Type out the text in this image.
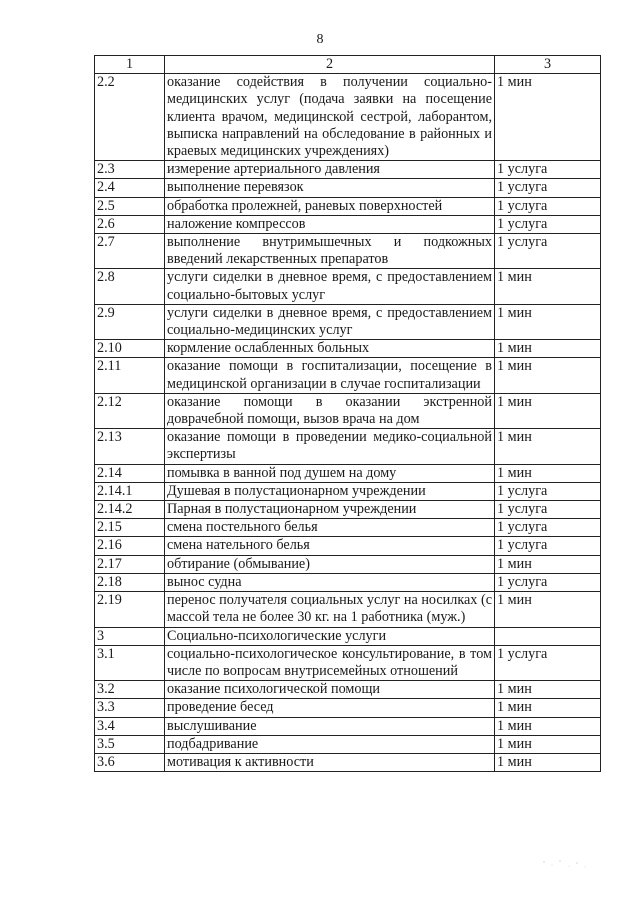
8
1	2	3
2.2	оказание содействия в получении социально-медицинских услуг (подача заявки на посещение клиента врачом, медицинской сестрой, лаборантом, выписка направлений на обследование в районных и краевых медицинских учреждениях)	1 мин
2.3	измерение артериального давления	1 услуга
2.4	выполнение перевязок	1 услуга
2.5	обработка пролежней, раневых поверхностей	1 услуга
2.6	наложение компрессов	1 услуга
2.7	выполнение внутримышечных и подкожных введений лекарственных препаратов	1 услуга
2.8	услуги сиделки в дневное время, с предоставлением социально-бытовых услуг	1 мин
2.9	услуги сиделки в дневное время, с предоставлением социально-медицинских услуг	1 мин
2.10	кормление ослабленных больных	1 мин
2.11	оказание помощи в госпитализации, посещение в медицинской организации в случае госпитализации	1 мин
2.12	оказание помощи в оказании экстренной доврачебной помощи, вызов врача на дом	1 мин
2.13	оказание помощи в проведении медико-социальной экспертизы	1 мин
2.14	помывка в ванной под душем на дому	1 мин
2.14.1	Душевая в полустационарном учреждении	1 услуга
2.14.2	Парная в полустационарном учреждении	1 услуга
2.15	смена постельного белья	1 услуга
2.16	смена нательного белья	1 услуга
2.17	обтирание (обмывание)	1 мин
2.18	вынос судна	1 услуга
2.19	перенос получателя социальных услуг на носилках (с массой тела не более 30 кг. на 1 работника (муж.)	1 мин
3	Социально-психологические услуги	
3.1	социально-психологическое консультирование, в том числе по вопросам внутрисемейных отношений	1 услуга
3.2	оказание психологической помощи	1 мин
3.3	проведение бесед	1 мин
3.4	выслушивание	1 мин
3.5	подбадривание	1 мин
3.6	мотивация к активности	1 мин
